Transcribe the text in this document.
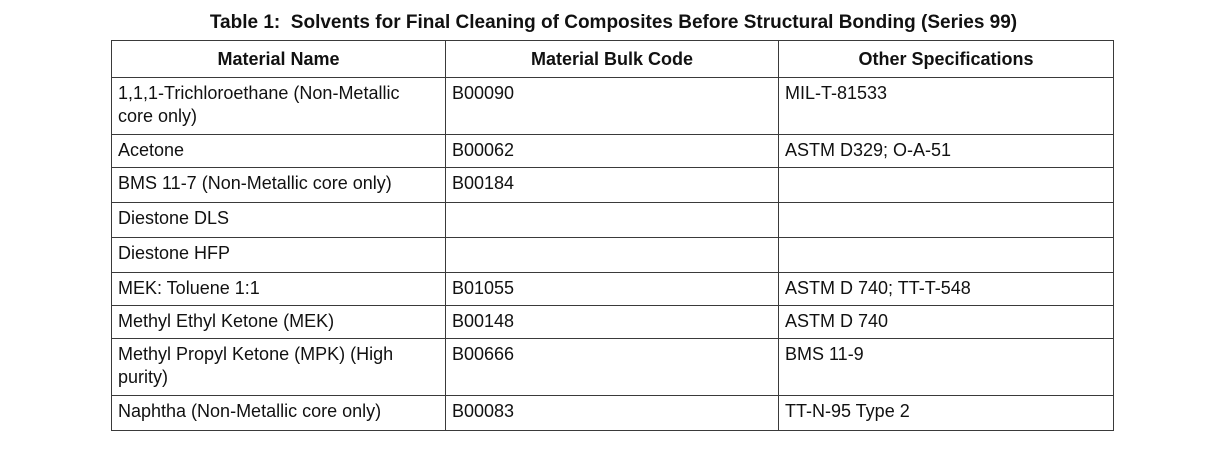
Table 1:  Solvents for Final Cleaning of Composites Before Structural Bonding (Series 99)
Material Name	Material Bulk Code	Other Specifications
1,1,1-Trichloroethane (Non-Metallic core only)	B00090	MIL-T-81533
Acetone	B00062	ASTM D329; O-A-51
BMS 11-7 (Non-Metallic core only)	B00184	
Diestone DLS		
Diestone HFP		
MEK: Toluene 1:1	B01055	ASTM D 740; TT-T-548
Methyl Ethyl Ketone (MEK)	B00148	ASTM D 740
Methyl Propyl Ketone (MPK) (High purity)	B00666	BMS 11-9
Naphtha (Non-Metallic core only)	B00083	TT-N-95 Type 2
